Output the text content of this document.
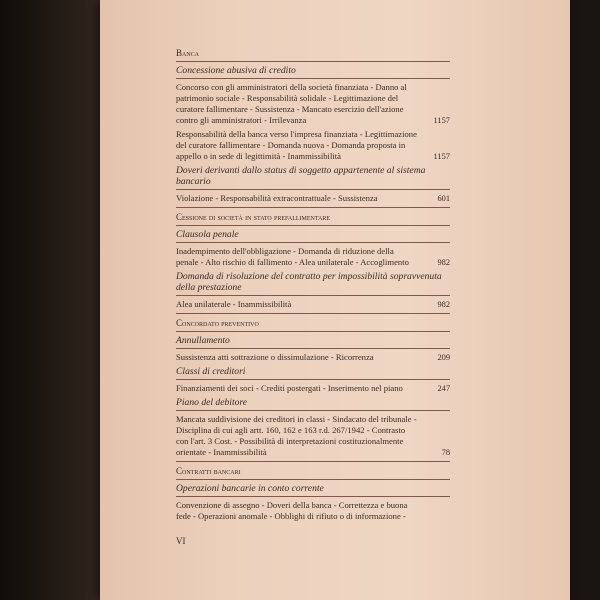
Banca
Concessione abusiva di credito
Concorso con gli amministratori della società finanziata - Danno al patrimonio sociale - Responsabilità solidale - Legittimazione del curatore fallimentare - Sussistenza - Mancato esercizio dell'azione contro gli amministratori - Irrilevanza	1157
Responsabilità della banca verso l'impresa finanziata - Legittimazione del curatore fallimentare - Domanda nuova - Domanda proposta in appello o in sede di legittimità - Inammissibilità	1157
Doveri derivanti dallo status di soggetto appartenente al sistema bancario
Violazione - Responsabilità extracontrattuale - Sussistenza	601
Cessione di società in stato prefallimentare
Clausola penale
Inadempimento dell'obbligazione - Domanda di riduzione della penale - Alto rischio di fallimento - Alea unilaterale - Accoglimento	982
Domanda di risoluzione del contratto per impossibilità sopravvenuta della prestazione
Alea unilaterale - Inammissibilità	982
Concordato preventivo
Annullamento
Sussistenza atti sottrazione o dissimulazione - Ricorrenza	209
Classi di creditori
Finanziamenti dei soci - Crediti postergati - Inserimento nel piano	247
Piano del debitore
Mancata suddivisione dei creditori in classi - Sindacato del tribunale - Disciplina di cui agli artt. 160, 162 e 163 r.d. 267/1942 - Contrasto con l'art. 3 Cost. - Possibilità di interpretazioni costituzionalmente orientate - Inammissibilità	78
Contratti bancari
Operazioni bancarie in conto corrente
Convenzione di assegno - Doveri della banca - Correttezza e buona fede - Operazioni anomale - Obblighi di rifiuto o di informazione -
VI
